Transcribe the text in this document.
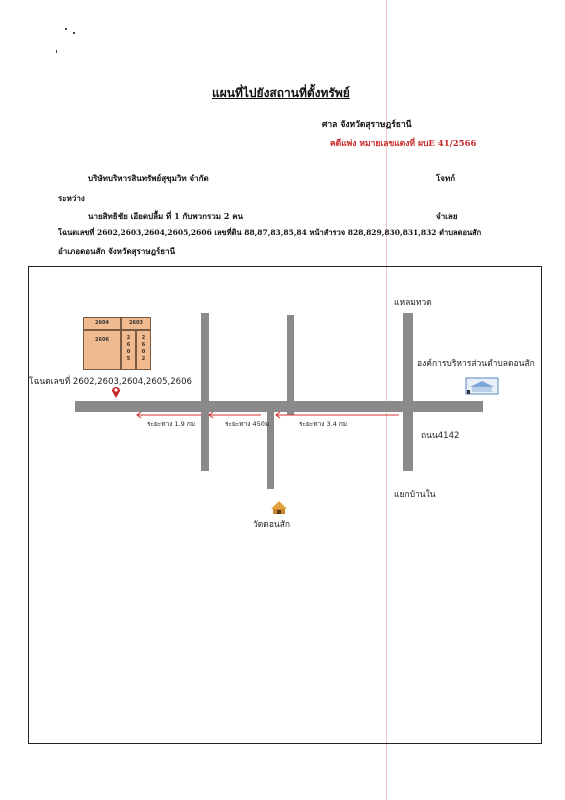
แผนที่ไปยังสถานที่ตั้งทรัพย์
ศาล จังหวัดสุราษฎร์ธานี
คดีแพ่ง หมายเลขแดงที่ ผบE 41/2566
บริษัทบริหารสินทรัพย์สุขุมวิท จำกัด	โจทก์
ระหว่าง
นายสิทธิชัย เอียดปลื้ม ที่ 1 กับพวกรวม 2 คน	จำเลย
โฉนดเลขที่ 2602,2603,2604,2605,2606 เลขที่ดิน 88,87,83,85,84 หน้าสำรวจ 828,829,830,831,832 ตำบลดอนสัก
อำเภอดอนสัก จังหวัดสุราษฎร์ธานี
2604	2603
2606	2
6
0
5
2
6
0
2
โฉนดเลขที่ 2602,2603,2604,2605,2606
แหลมทวด
องค์การบริหารส่วนตำบลดอนสัก
ระยะทาง 1.9 กม	ระยะทาง 450ม	ระยะทาง 3.4 กม
ถนน4142
แยกบ้านใน
วัดดอนสัก
